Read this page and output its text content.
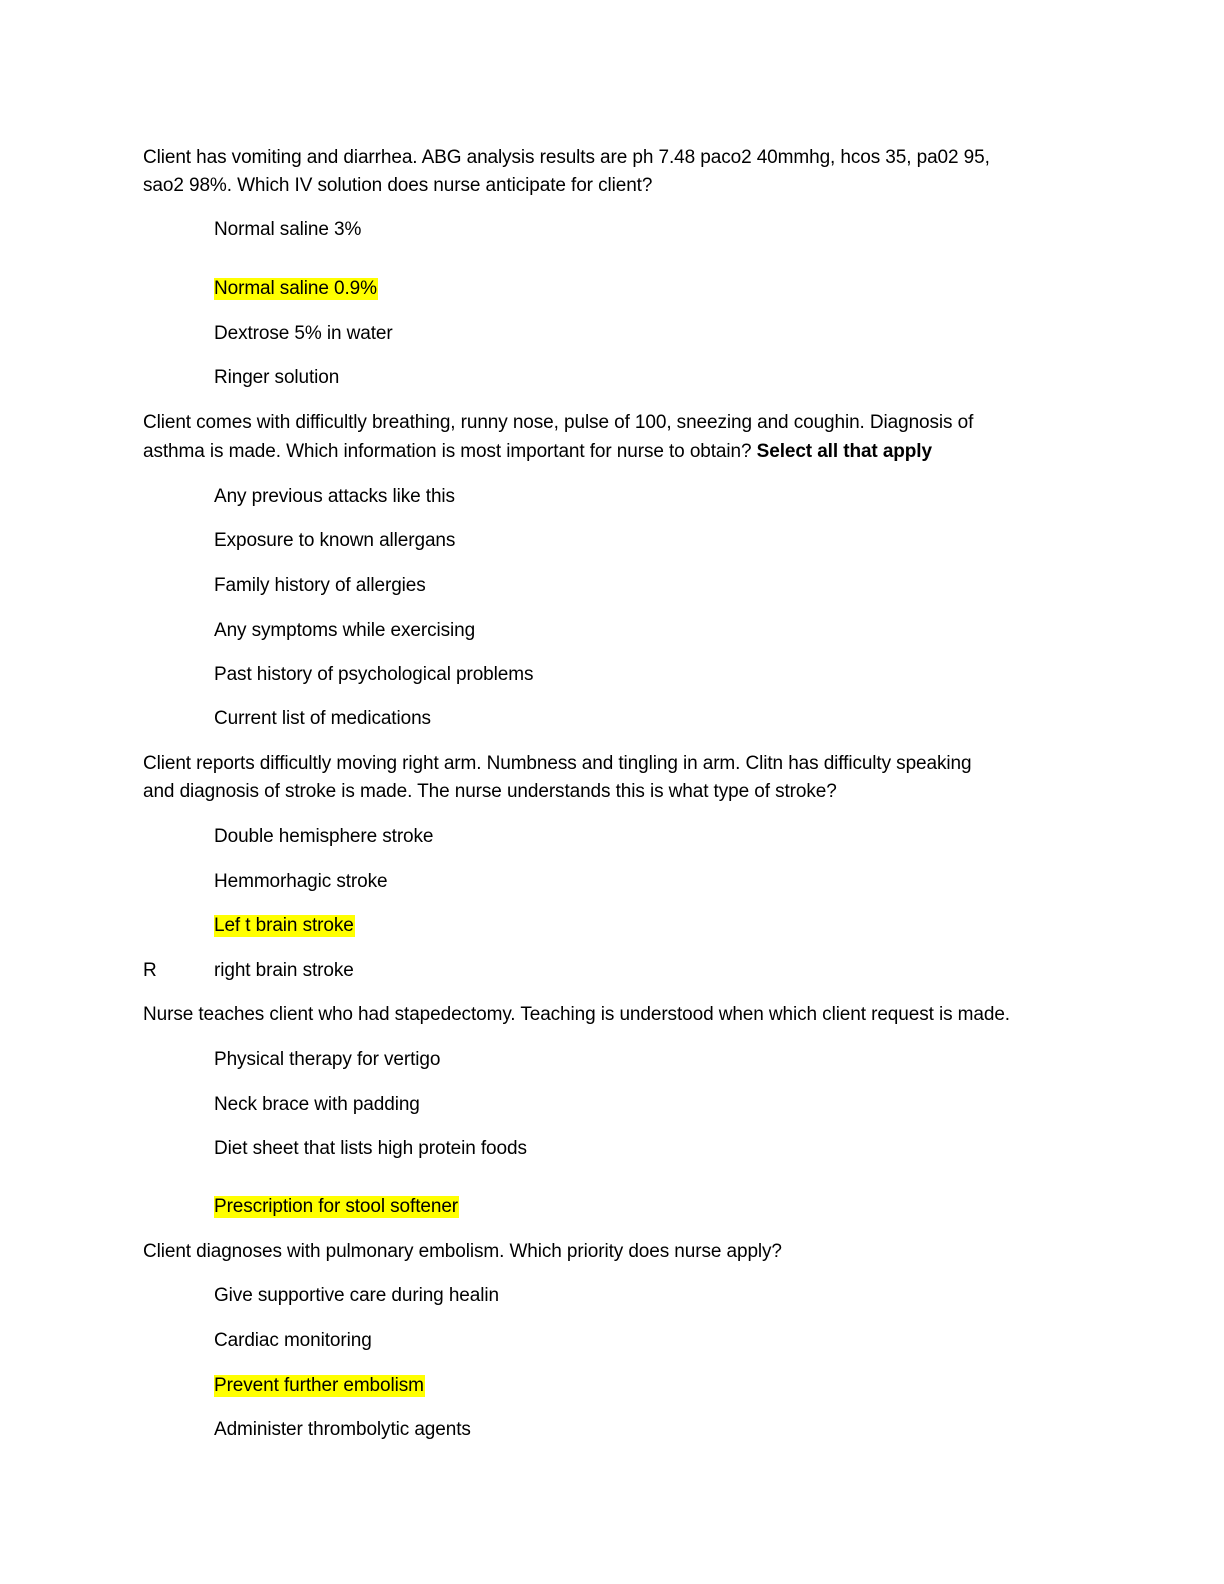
Client has vomiting and diarrhea. ABG analysis results are ph 7.48 paco2 40mmhg, hcos 35, pa02 95,
sao2 98%. Which IV solution does nurse anticipate for client?
Normal saline 3%
Normal saline 0.9%
Dextrose 5% in water
Ringer solution
Client comes with difficultly breathing, runny nose, pulse of 100, sneezing and coughin. Diagnosis of
asthma is made. Which information is most important for nurse to obtain? Select all that apply
Any previous attacks like this
Exposure to known allergans
Family history of allergies
Any symptoms while exercising
Past history of psychological problems
Current list of medications
Client reports difficultly moving right arm. Numbness and tingling in arm. Clitn has difficulty speaking
and diagnosis of stroke is made. The nurse understands this is what type of stroke?
Double hemisphere stroke
Hemmorhagic stroke
Lef t brain stroke
R	right brain stroke
Nurse teaches client who had stapedectomy. Teaching is understood when which client request is made.
Physical therapy for vertigo
Neck brace with padding
Diet sheet that lists high protein foods
Prescription for stool softener
Client diagnoses with pulmonary embolism. Which priority does nurse apply?
Give supportive care during healin
Cardiac monitoring
Prevent further embolism
Administer thrombolytic agents
